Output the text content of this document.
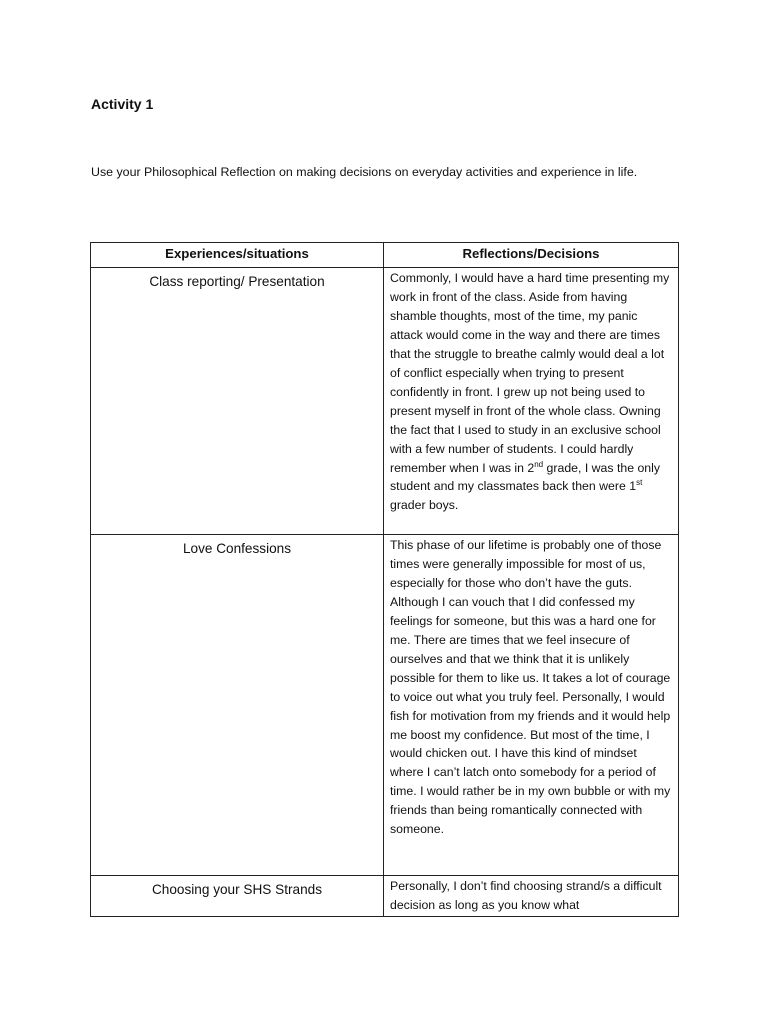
Activity 1

Use your Philosophical Reflection on making decisions on everyday activities and experience in life.

Experiences/situations	Reflections/Decisions
Class reporting/ Presentation	Commonly, I would have a hard time presenting my work in front of the class. Aside from having shamble thoughts, most of the time, my panic attack would come in the way and there are times that the struggle to breathe calmly would deal a lot of conflict especially when trying to present confidently in front. I grew up not being used to present myself in front of the whole class. Owning the fact that I used to study in an exclusive school with a few number of students. I could hardly remember when I was in 2nd grade, I was the only student and my classmates back then were 1st grader boys.
Love Confessions	This phase of our lifetime is probably one of those times were generally impossible for most of us, especially for those who don’t have the guts. Although I can vouch that I did confessed my feelings for someone, but this was a hard one for me. There are times that we feel insecure of ourselves and that we think that it is unlikely possible for them to like us. It takes a lot of courage to voice out what you truly feel. Personally, I would fish for motivation from my friends and it would help me boost my confidence. But most of the time, I would chicken out. I have this kind of mindset where I can’t latch onto somebody for a period of time. I would rather be in my own bubble or with my friends than being romantically connected with someone.
Choosing your SHS Strands	Personally, I don’t find choosing strand/s a difficult decision as long as you know what
